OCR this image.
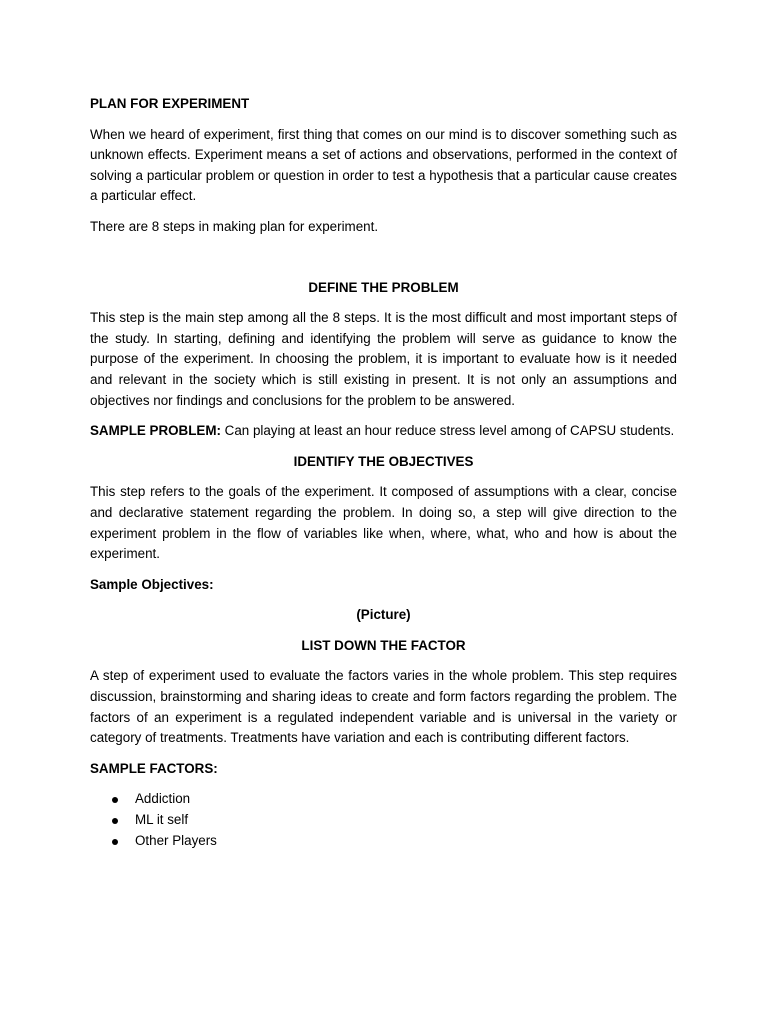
PLAN FOR EXPERIMENT

When we heard of experiment, first thing that comes on our mind is to discover something such as unknown effects. Experiment means a set of actions and observations, performed in the context of solving a particular problem or question in order to test a hypothesis that a particular cause creates a particular effect.

There are 8 steps in making plan for experiment.

DEFINE THE PROBLEM

This step is the main step among all the 8 steps. It is the most difficult and most important steps of the study. In starting, defining and identifying the problem will serve as guidance to know the purpose of the experiment. In choosing the problem, it is important to evaluate how is it needed and relevant in the society which is still existing in present. It is not only an assumptions and objectives nor findings and conclusions for the problem to be answered.

SAMPLE PROBLEM: Can playing at least an hour reduce stress level among of CAPSU students.

IDENTIFY THE OBJECTIVES

This step refers to the goals of the experiment. It composed of assumptions with a clear, concise and declarative statement regarding the problem. In doing so, a step will give direction to the experiment problem in the flow of variables like when, where, what, who and how is about the experiment.

Sample Objectives:

(Picture)

LIST DOWN THE FACTOR

A step of experiment used to evaluate the factors varies in the whole problem. This step requires discussion, brainstorming and sharing ideas to create and form factors regarding the problem. The factors of an experiment is a regulated independent variable and is universal in the variety or category of treatments. Treatments have variation and each is contributing different factors.

SAMPLE FACTORS:

Addiction
ML it self
Other Players
